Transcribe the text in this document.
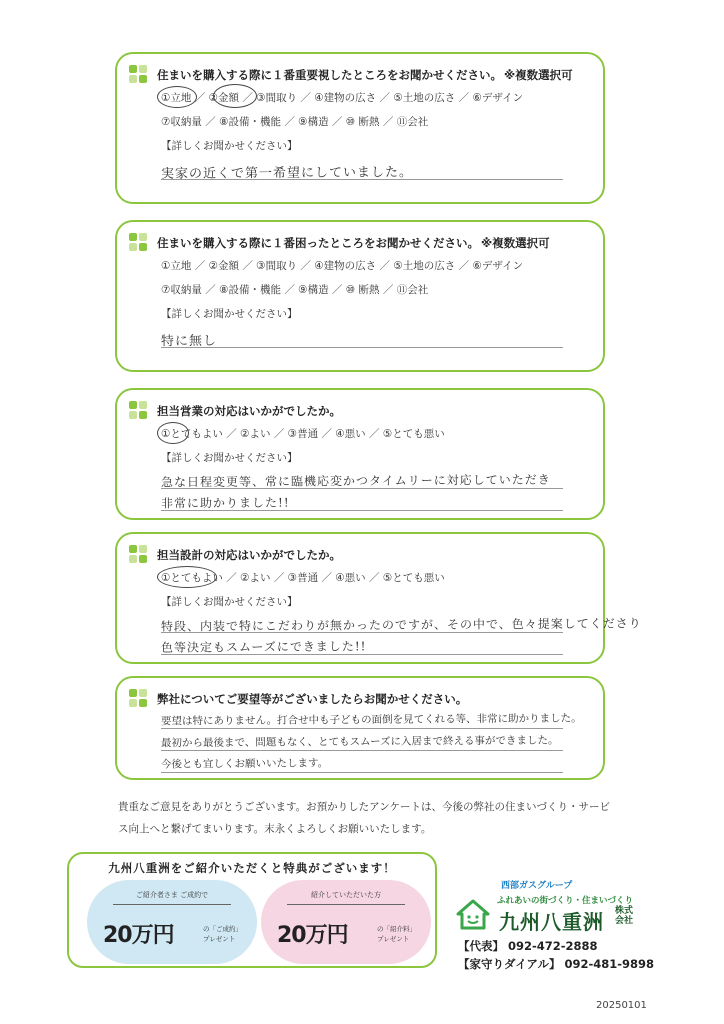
住まいを購入する際に１番重要視したところをお聞かせください。 ※複数選択可
①立地 ／ ②金額 ／ ③間取り ／ ④建物の広さ ／ ⑤土地の広さ ／ ⑥デザイン
⑦収納量 ／ ⑧設備・機能 ／ ⑨構造 ／ ⑩ 断熱 ／ ⑪会社
【詳しくお聞かせください】
実家の近くで第一希望にしていました。
住まいを購入する際に１番困ったところをお聞かせください。 ※複数選択可
①立地 ／ ②金額 ／ ③間取り ／ ④建物の広さ ／ ⑤土地の広さ ／ ⑥デザイン
⑦収納量 ／ ⑧設備・機能 ／ ⑨構造 ／ ⑩ 断熱 ／ ⑪会社
【詳しくお聞かせください】
特に無し
担当営業の対応はいかがでしたか。
①とてもよい ／ ②よい ／ ③普通 ／ ④悪い ／ ⑤とても悪い
【詳しくお聞かせください】
急な日程変更等、常に臨機応変かつタイムリーに対応していただき
非常に助かりました!!
担当設計の対応はいかがでしたか。
①とてもよい ／ ②よい ／ ③普通 ／ ④悪い ／ ⑤とても悪い
【詳しくお聞かせください】
特段、内装で特にこだわりが無かったのですが、その中で、色々提案してくださり
色等決定もスムーズにできました!!
弊社についてご要望等がございましたらお聞かせください。
要望は特にありません。打合せ中も子どもの面倒を見てくれる等、非常に助かりました。
最初から最後まで、問題もなく、とてもスムーズに入居まで終える事ができました。
今後とも宜しくお願いいたします。
貴重なご意見をありがとうございます。お預かりしたアンケートは、今後の弊社の住まいづくり・サービス向上へと繋げてまいります。末永くよろしくお願いいたします。
九州八重洲をご紹介いただくと特典がございます！
ご紹介者さま ご成約で
20万円	の「ご成約」
プレゼント
紹介していただいた方
20万円	の「紹介料」
プレゼント
西部ガスグループ
ふれあいの街づくり・住まいづくり
九州八重洲 株式
会社
【代表】 092-472-2888
【家守りダイアル】 092-481-9898
20250101
